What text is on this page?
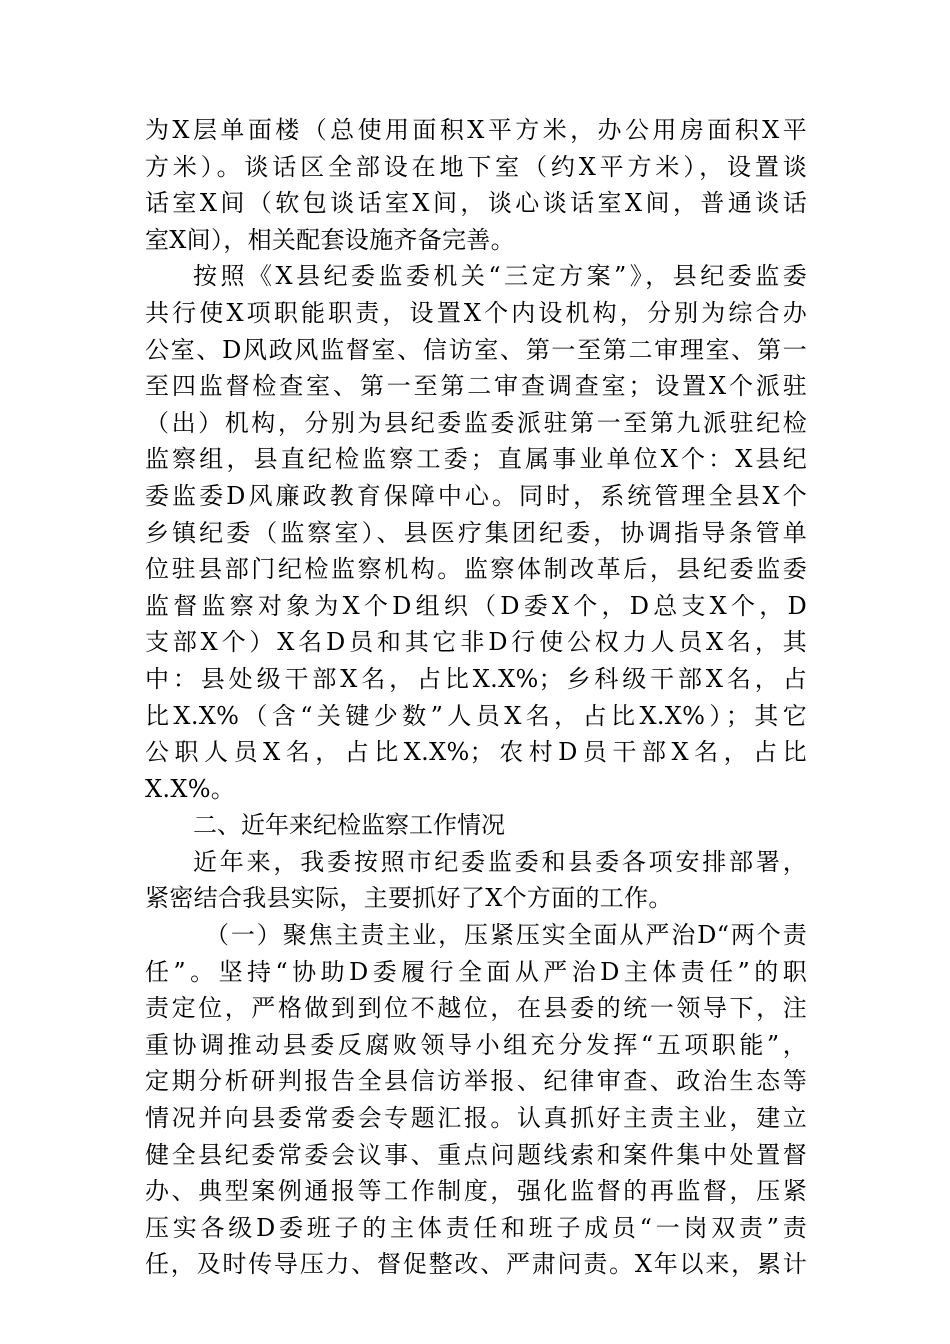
为X层单面楼（总使用面积X平方米，办公用房面积X平
方米）。谈话区全部设在地下室（约X平方米），设置谈
话室X间（软包谈话室X间，谈心谈话室X间，普通谈话
室X间），相关配套设施齐备完善。
按照《X县纪委监委机关“三定方案”》，县纪委监委
共行使X项职能职责，设置X个内设机构，分别为综合办
公室、D风政风监督室、信访室、第一至第二审理室、第一
至四监督检查室、第一至第二审查调查室；设置X个派驻
（出）机构，分别为县纪委监委派驻第一至第九派驻纪检
监察组，县直纪检监察工委；直属事业单位X个：X县纪
委监委D风廉政教育保障中心。同时，系统管理全县X个
乡镇纪委（监察室）、县医疗集团纪委，协调指导条管单
位驻县部门纪检监察机构。监察体制改革后，县纪委监委
监督监察对象为X个D组织（D委X个，D总支X个，D
支部X个）X名D员和其它非D行使公权力人员X名，其
中：县处级干部X名，占比X.X%；乡科级干部X名，占
比X.X%（含“关键少数”人员X名，占比X.X%）；其它
公职人员X名，占比X.X%；农村D员干部X名，占比
X.X%。
二、近年来纪检监察工作情况
近年来，我委按照市纪委监委和县委各项安排部署，
紧密结合我县实际，主要抓好了X个方面的工作。
（一）聚焦主责主业，压紧压实全面从严治D“两个责
任”。坚持“协助D委履行全面从严治D主体责任”的职
责定位，严格做到到位不越位，在县委的统一领导下，注
重协调推动县委反腐败领导小组充分发挥“五项职能”，
定期分析研判报告全县信访举报、纪律审查、政治生态等
情况并向县委常委会专题汇报。认真抓好主责主业，建立
健全县纪委常委会议事、重点问题线索和案件集中处置督
办、典型案例通报等工作制度，强化监督的再监督，压紧
压实各级D委班子的主体责任和班子成员“一岗双责”责
任，及时传导压力、督促整改、严肃问责。X年以来，累计
